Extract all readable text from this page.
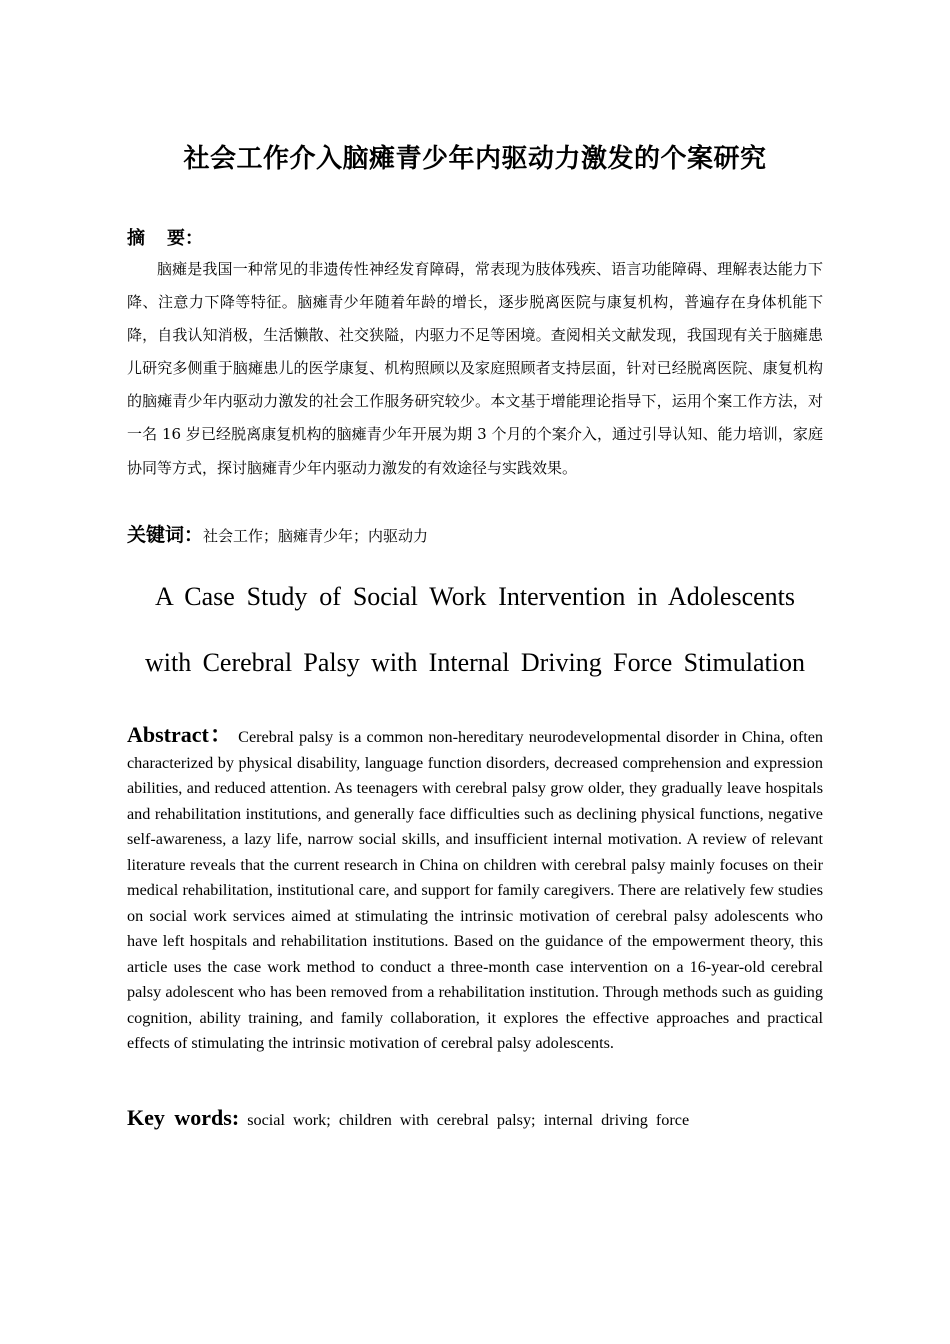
社会工作介入脑瘫青少年内驱动力激发的个案研究
摘 要：
脑瘫是我国一种常见的非遗传性神经发育障碍，常表现为肢体残疾、语言功能障碍、理解表达能力下降、注意力下降等特征。脑瘫青少年随着年龄的增长，逐步脱离医院与康复机构，普遍存在身体机能下降，自我认知消极，生活懒散、社交狭隘，内驱力不足等困境。查阅相关文献发现，我国现有关于脑瘫患儿研究多侧重于脑瘫患儿的医学康复、机构照顾以及家庭照顾者支持层面，针对已经脱离医院、康复机构的脑瘫青少年内驱动力激发的社会工作服务研究较少。本文基于增能理论指导下，运用个案工作方法，对一名 16 岁已经脱离康复机构的脑瘫青少年开展为期 3 个月的个案介入，通过引导认知、能力培训，家庭协同等方式，探讨脑瘫青少年内驱动力激发的有效途径与实践效果。
关键词：社会工作；脑瘫青少年；内驱动力
A Case Study of Social Work Intervention in Adolescents
with Cerebral Palsy with Internal Driving Force Stimulation
Abstract： Cerebral palsy is a common non-hereditary neurodevelopmental disorder in China, often characterized by physical disability, language function disorders, decreased comprehension and expression abilities, and reduced attention. As teenagers with cerebral palsy grow older, they gradually leave hospitals and rehabilitation institutions, and generally face difficulties such as declining physical functions, negative self-awareness, a lazy life, narrow social skills, and insufficient internal motivation. A review of relevant literature reveals that the current research in China on children with cerebral palsy mainly focuses on their medical rehabilitation, institutional care, and support for family caregivers. There are relatively few studies on social work services aimed at stimulating the intrinsic motivation of cerebral palsy adolescents who have left hospitals and rehabilitation institutions. Based on the guidance of the empowerment theory, this article uses the case work method to conduct a three-month case intervention on a 16-year-old cerebral palsy adolescent who has been removed from a rehabilitation institution. Through methods such as guiding cognition, ability training, and family collaboration, it explores the effective approaches and practical effects of stimulating the intrinsic motivation of cerebral palsy adolescents.
Key words: social work; children with cerebral palsy; internal driving force
